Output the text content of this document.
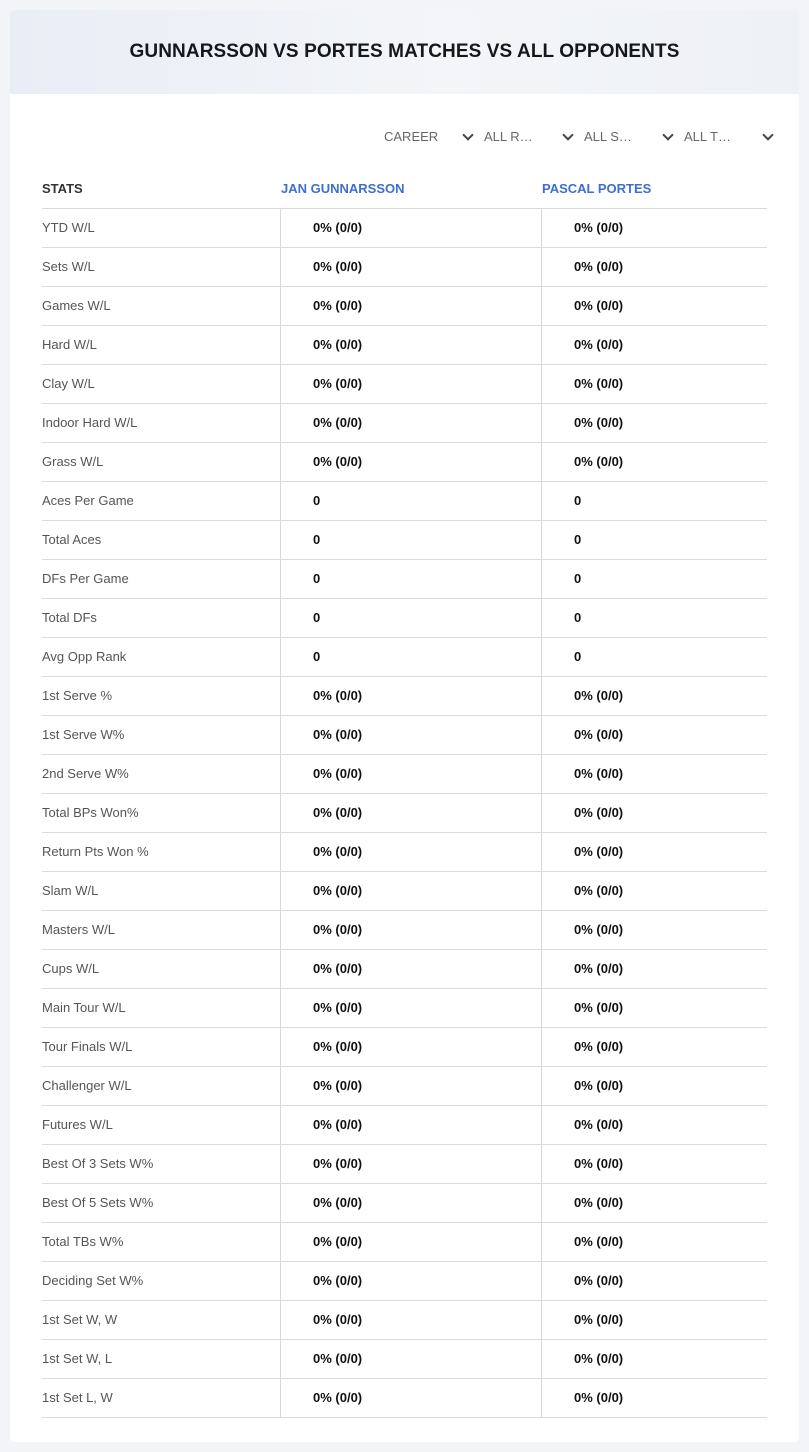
GUNNARSSON VS PORTES MATCHES VS ALL OPPONENTS
CAREER	ALL R…	ALL S…	ALL T…
STATS	JAN GUNNARSSON	PASCAL PORTES
YTD W/L	0% (0/0)	0% (0/0)
Sets W/L	0% (0/0)	0% (0/0)
Games W/L	0% (0/0)	0% (0/0)
Hard W/L	0% (0/0)	0% (0/0)
Clay W/L	0% (0/0)	0% (0/0)
Indoor Hard W/L	0% (0/0)	0% (0/0)
Grass W/L	0% (0/0)	0% (0/0)
Aces Per Game	0	0
Total Aces	0	0
DFs Per Game	0	0
Total DFs	0	0
Avg Opp Rank	0	0
1st Serve %	0% (0/0)	0% (0/0)
1st Serve W%	0% (0/0)	0% (0/0)
2nd Serve W%	0% (0/0)	0% (0/0)
Total BPs Won%	0% (0/0)	0% (0/0)
Return Pts Won %	0% (0/0)	0% (0/0)
Slam W/L	0% (0/0)	0% (0/0)
Masters W/L	0% (0/0)	0% (0/0)
Cups W/L	0% (0/0)	0% (0/0)
Main Tour W/L	0% (0/0)	0% (0/0)
Tour Finals W/L	0% (0/0)	0% (0/0)
Challenger W/L	0% (0/0)	0% (0/0)
Futures W/L	0% (0/0)	0% (0/0)
Best Of 3 Sets W%	0% (0/0)	0% (0/0)
Best Of 5 Sets W%	0% (0/0)	0% (0/0)
Total TBs W%	0% (0/0)	0% (0/0)
Deciding Set W%	0% (0/0)	0% (0/0)
1st Set W, W	0% (0/0)	0% (0/0)
1st Set W, L	0% (0/0)	0% (0/0)
1st Set L, W	0% (0/0)	0% (0/0)
